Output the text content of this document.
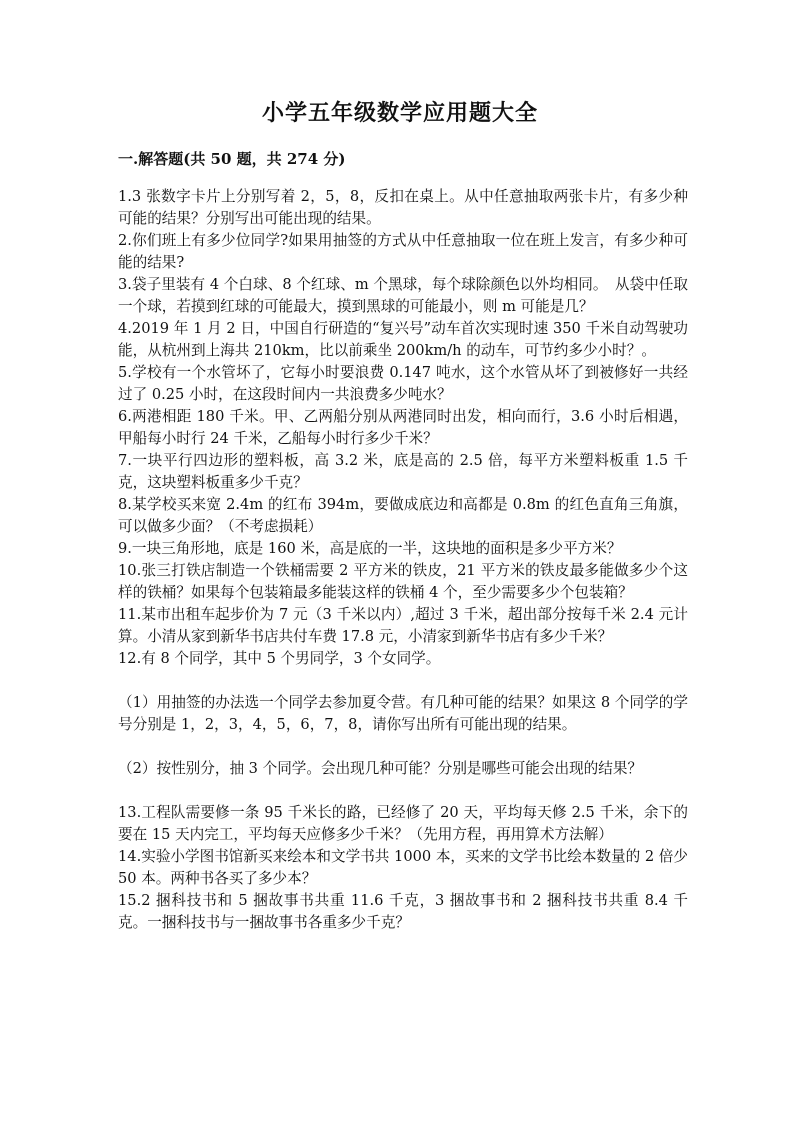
小学五年级数学应用题大全
一.解答题(共 50 题，共 274 分)

1.3 张数字卡片上分别写着 2，5，8，反扣在桌上。从中任意抽取两张卡片，有多少种可能的结果？分别写出可能出现的结果。

2.你们班上有多少位同学?如果用抽签的方式从中任意抽取一位在班上发言，有多少种可能的结果?

3.袋子里装有 4 个白球、8 个红球、m 个黑球，每个球除颜色以外均相同。　从袋中任取一个球，若摸到红球的可能最大，摸到黑球的可能最小，则 m 可能是几？

4.2019 年 1 月 2 日，中国自行研造的“复兴号”动车首次实现时速 350 千米自动驾驶功能，从杭州到上海共 210km，比以前乘坐 200km/h 的动车，可节约多少小时？。

5.学校有一个水管坏了，它每小时要浪费 0.147 吨水，这个水管从坏了到被修好一共经过了 0.25 小时，在这段时间内一共浪费多少吨水？

6.两港相距 180 千米。甲、乙两船分别从两港同时出发，相向而行，3.6 小时后相遇，甲船每小时行 24 千米，乙船每小时行多少千米？

7.一块平行四边形的塑料板，高 3.2 米，底是高的 2.5 倍，每平方米塑料板重 1.5 千克，这块塑料板重多少千克？

8.某学校买来宽 2.4m 的红布 394m，要做成底边和高都是 0.8m 的红色直角三角旗，可以做多少面？（不考虑损耗）

9.一块三角形地，底是 160 米，高是底的一半，这块地的面积是多少平方米？

10.张三打铁店制造一个铁桶需要 2 平方米的铁皮，21 平方米的铁皮最多能做多少个这样的铁桶？如果每个包装箱最多能装这样的铁桶 4 个，至少需要多少个包装箱？

11.某市出租车起步价为 7 元（3 千米以内）,超过 3 千米，超出部分按每千米 2.4 元计算。小清从家到新华书店共付车费 17.8 元，小清家到新华书店有多少千米？

12.有 8 个同学，其中 5 个男同学，3 个女同学。

（1）用抽签的办法选一个同学去参加夏令营。有几种可能的结果？如果这 8 个同学的学号分别是 1，2，3，4，5，6，7，8，请你写出所有可能出现的结果。

（2）按性别分，抽 3 个同学。会出现几种可能？分别是哪些可能会出现的结果？

13.工程队需要修一条 95 千米长的路，已经修了 20 天，平均每天修 2.5 千米，余下的要在 15 天内完工，平均每天应修多少千米？（先用方程，再用算术方法解）

14.实验小学图书馆新买来绘本和文学书共 1000 本，买来的文学书比绘本数量的 2 倍少 50 本。两种书各买了多少本？

15.2 捆科技书和 5 捆故事书共重 11.6 千克，3 捆故事书和 2 捆科技书共重 8.4 千克。一捆科技书与一捆故事书各重多少千克？
